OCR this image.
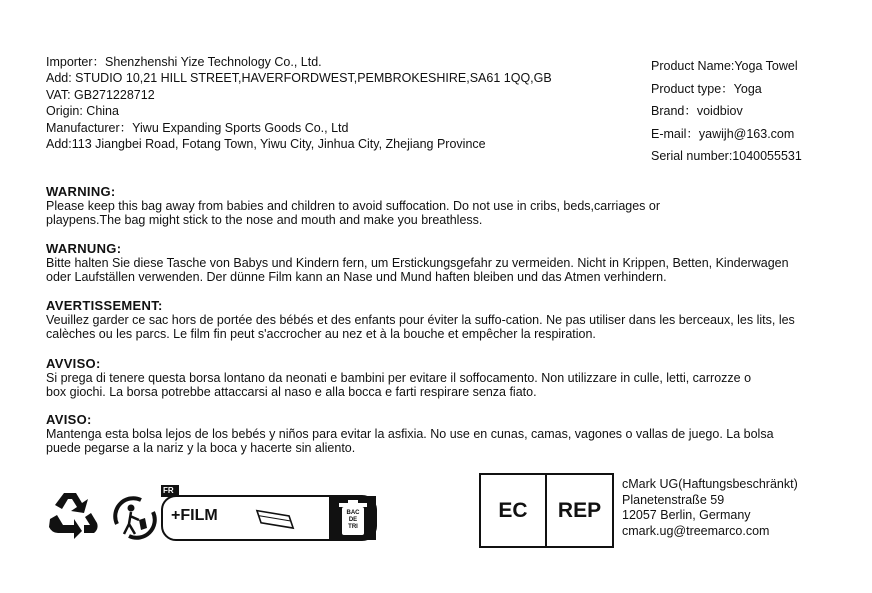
Importer：Shenzhenshi Yize Technology Co., Ltd.
Add: STUDIO 10,21 HILL STREET,HAVERFORDWEST,PEMBROKESHIRE,SA61 1QQ,GB
VAT: GB271228712
Origin: China
Manufacturer：Yiwu Expanding Sports Goods Co., Ltd
Add:113 Jiangbei Road, Fotang Town, Yiwu City, Jinhua City, Zhejiang Province
Product Name:Yoga Towel
Product type：Yoga
Brand：voidbiov
E-mail：yawijh@163.com
Serial number:1040055531
WARNING:
Please keep this bag away from babies and children to avoid suffocation. Do not use in cribs, beds,carriages or playpens.The bag might stick to the nose and mouth and make you breathless.
WARNUNG:
Bitte halten Sie diese Tasche von Babys und Kindern fern, um Erstickungsgefahr zu vermeiden. Nicht in Krippen, Betten, Kinderwagen oder Laufställen verwenden. Der dünne Film kann an Nase und Mund haften bleiben und das Atmen verhindern.
AVERTISSEMENT:
Veuillez garder ce sac hors de portée des bébés et des enfants pour éviter la suffo-cation. Ne pas utiliser dans les berceaux, les lits, les calèches ou les parcs. Le film fin peut s'accrocher au nez et à la bouche et empêcher la respiration.
AVVISO:
Si prega di tenere questa borsa lontano da neonati e bambini per evitare il soffocamento. Non utilizzare in culle, letti, carrozze o box giochi. La borsa potrebbe attaccarsi al naso e alla bocca e farti respirare senza fiato.
AVISO:
Mantenga esta bolsa lejos de los bebés y niños para evitar la asfixia. No use en cunas, camas, vagones o vallas de juego. La bolsa puede pegarse a la nariz y la boca y hacerte sin aliento.
FR
+FILM	BAC DE TRI
EC	REP
cMark UG(Haftungsbeschränkt)
Planetenstraße 59
12057 Berlin, Germany
cmark.ug@treemarco.com
